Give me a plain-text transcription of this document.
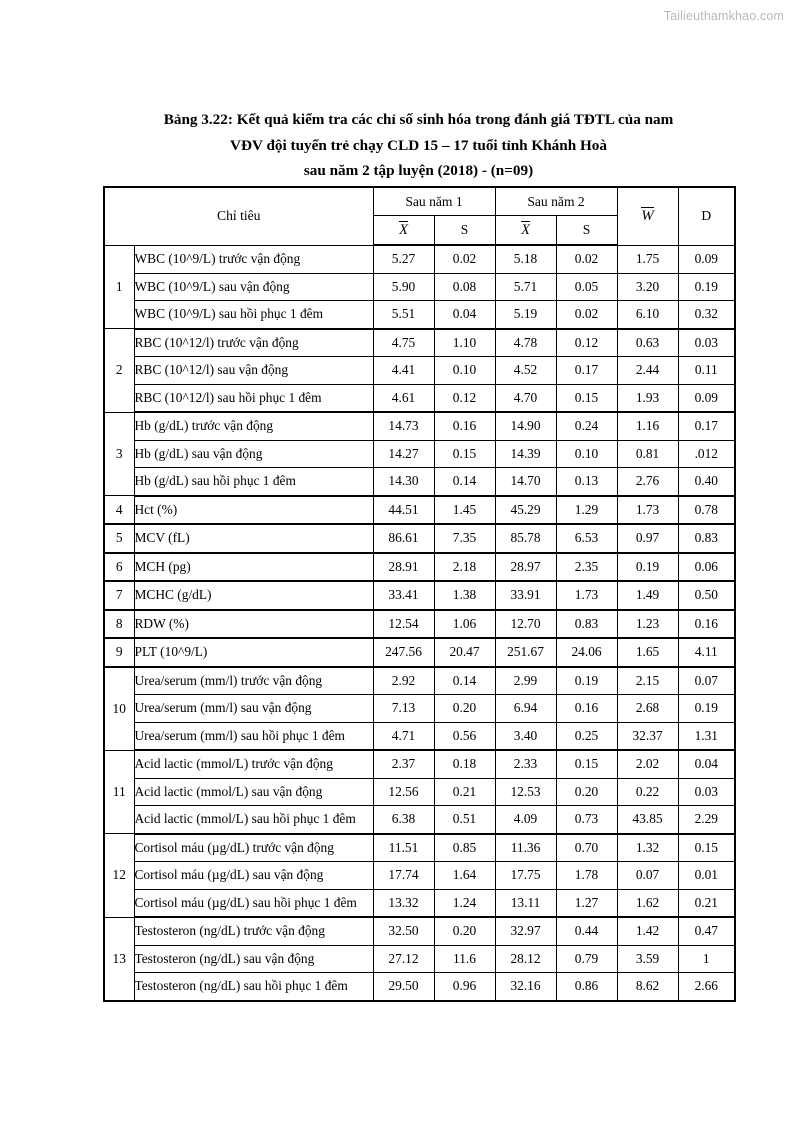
Tailieuthamkhao.com
Bảng 3.22: Kết quả kiểm tra các chỉ số sinh hóa trong đánh giá TĐTL của nam
VĐV đội tuyển trẻ chạy CLD 15 – 17 tuổi tỉnh Khánh Hoà
sau năm 2 tập luyện (2018) - (n=09)
Chỉ tiêu		Sau năm 1		Sau năm 2		W	D
		X	S	X	S		
1	WBC (10^9/L) trước vận động	5.27	0.02	5.18	0.02	1.75	0.09
	WBC (10^9/L) sau vận động	5.90	0.08	5.71	0.05	3.20	0.19
	WBC (10^9/L) sau hồi phục 1 đêm	5.51	0.04	5.19	0.02	6.10	0.32
2	RBC (10^12/l) trước vận động	4.75	1.10	4.78	0.12	0.63	0.03
	RBC (10^12/l) sau vận động	4.41	0.10	4.52	0.17	2.44	0.11
	RBC (10^12/l) sau hồi phục 1 đêm	4.61	0.12	4.70	0.15	1.93	0.09
3	Hb (g/dL) trước vận động	14.73	0.16	14.90	0.24	1.16	0.17
	Hb (g/dL) sau vận động	14.27	0.15	14.39	0.10	0.81	.012
	Hb (g/dL) sau hồi phục 1 đêm	14.30	0.14	14.70	0.13	2.76	0.40
4	Hct (%)	44.51	1.45	45.29	1.29	1.73	0.78
5	MCV (fL)	86.61	7.35	85.78	6.53	0.97	0.83
6	MCH (pg)	28.91	2.18	28.97	2.35	0.19	0.06
7	MCHC (g/dL)	33.41	1.38	33.91	1.73	1.49	0.50
8	RDW (%)	12.54	1.06	12.70	0.83	1.23	0.16
9	PLT (10^9/L)	247.56	20.47	251.67	24.06	1.65	4.11
10	Urea/serum (mm/l) trước vận động	2.92	0.14	2.99	0.19	2.15	0.07
	Urea/serum (mm/l) sau vận động	7.13	0.20	6.94	0.16	2.68	0.19
	Urea/serum (mm/l) sau hồi phục 1 đêm	4.71	0.56	3.40	0.25	32.37	1.31
11	Acid lactic (mmol/L) trước vận động	2.37	0.18	2.33	0.15	2.02	0.04
	Acid lactic (mmol/L) sau vận động	12.56	0.21	12.53	0.20	0.22	0.03
	Acid lactic (mmol/L) sau hồi phục 1 đêm	6.38	0.51	4.09	0.73	43.85	2.29
12	Cortisol máu (µg/dL) trước vận động	11.51	0.85	11.36	0.70	1.32	0.15
	Cortisol máu (µg/dL) sau vận động	17.74	1.64	17.75	1.78	0.07	0.01
	Cortisol máu (µg/dL) sau hồi phục 1 đêm	13.32	1.24	13.11	1.27	1.62	0.21
13	Testosteron (ng/dL) trước vận động	32.50	0.20	32.97	0.44	1.42	0.47
	Testosteron (ng/dL) sau vận động	27.12	11.6	28.12	0.79	3.59	1
	Testosteron (ng/dL) sau hồi phục 1 đêm	29.50	0.96	32.16	0.86	8.62	2.66
